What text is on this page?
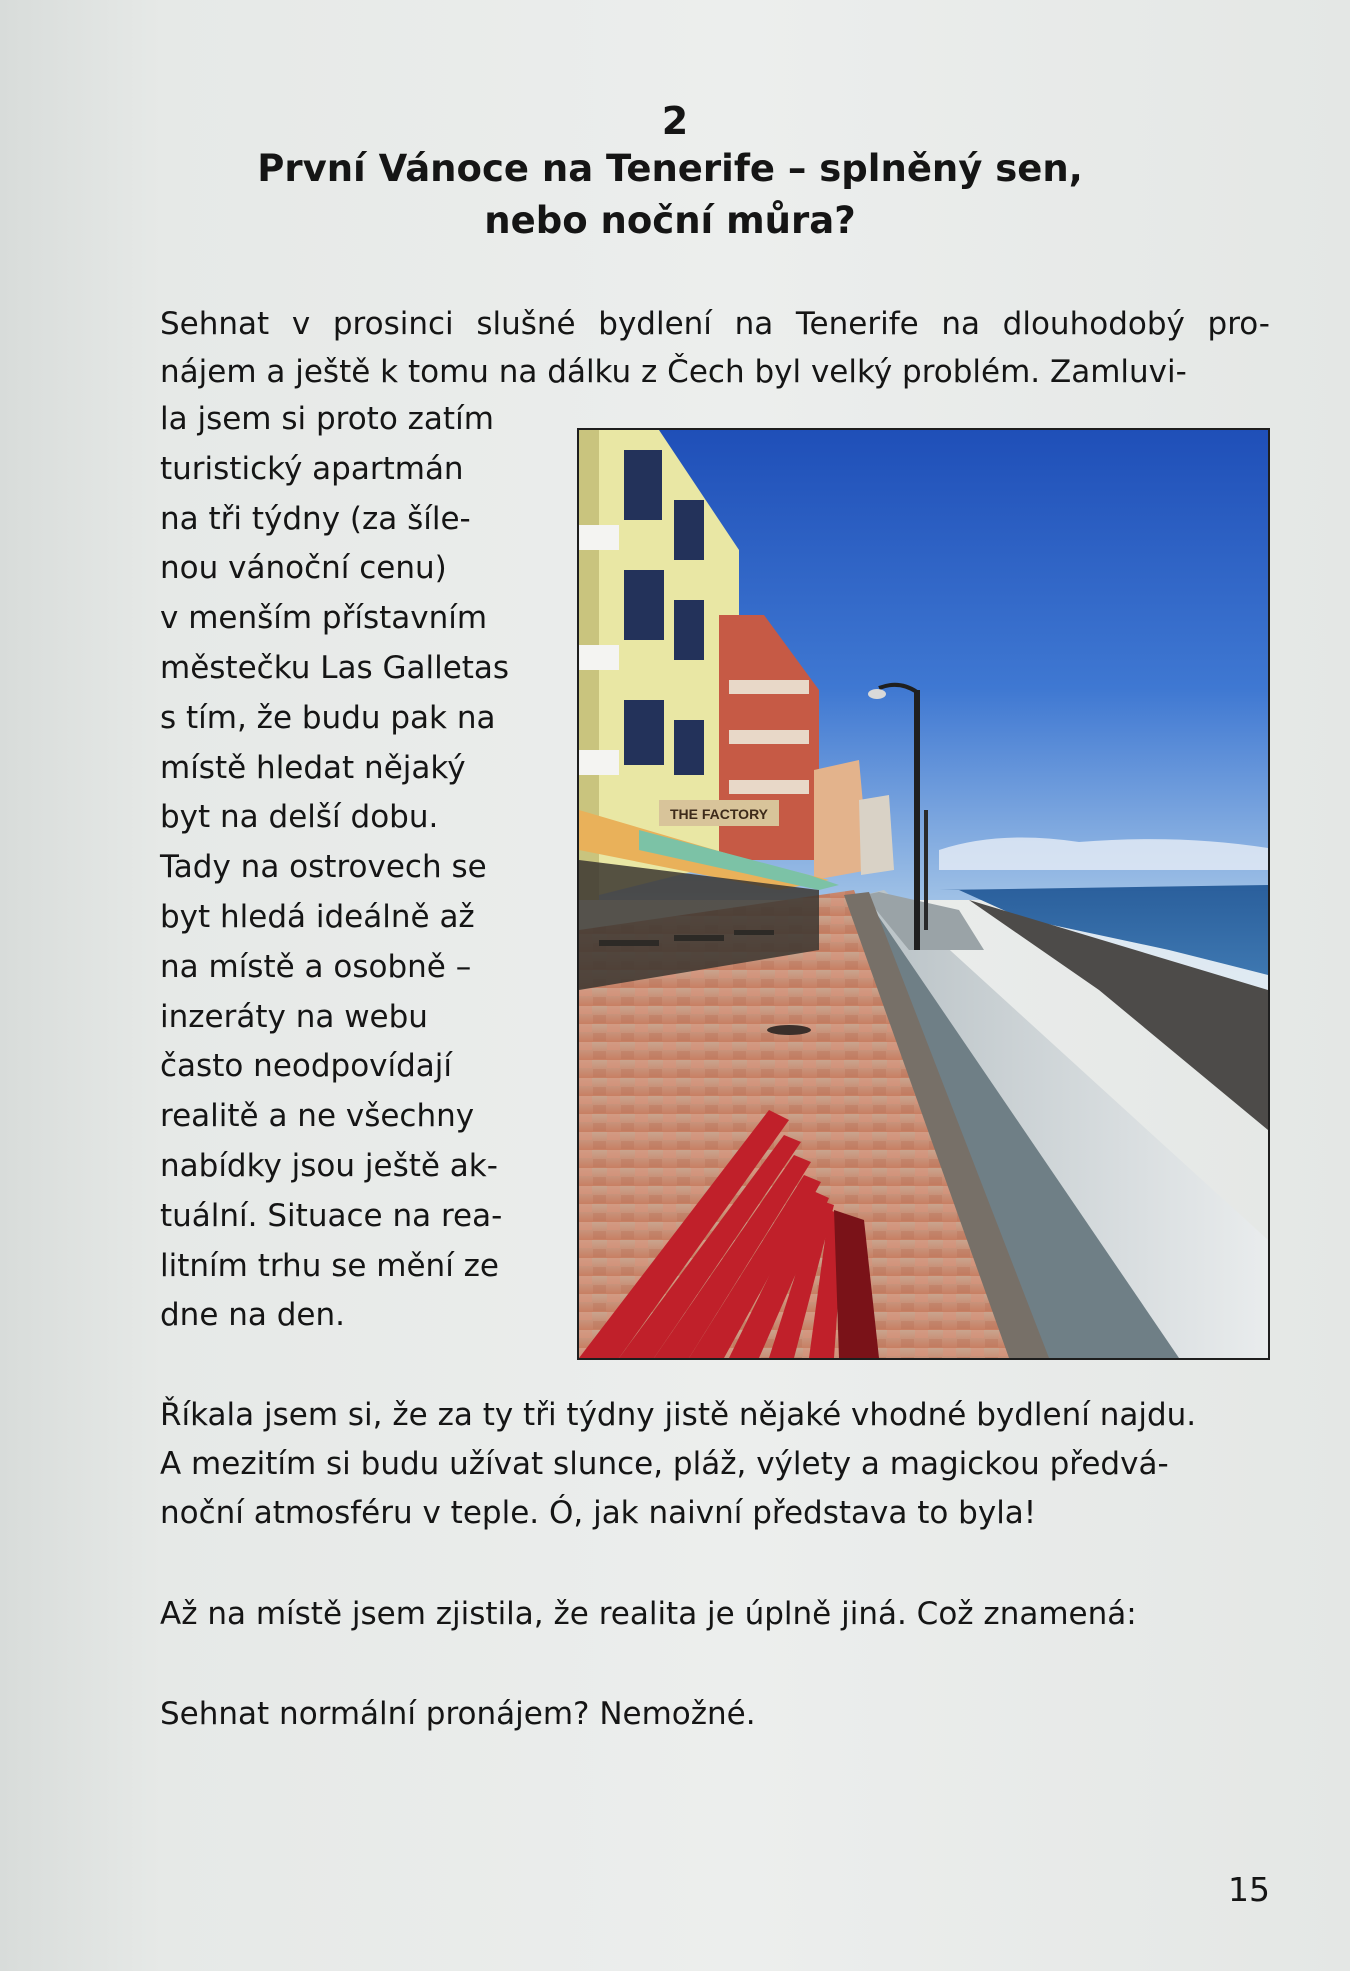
2
První Vánoce na Tenerife – splněný sen,
nebo noční můra?

Sehnat v prosinci slušné bydlení na Tenerife na dlouhodobý pro-
nájem a ještě k tomu na dálku z Čech byl velký problém. Zamluvi-

la jsem si proto zatím
turistický apartmán
na tři týdny (za šíle-
nou vánoční cenu)
v menším přístavním
městečku Las Galletas
s tím, že budu pak na
místě hledat nějaký
byt na delší dobu.
Tady na ostrovech se
byt hledá ideálně až
na místě a osobně –
inzeráty na webu
často neodpovídají
realitě a ne všechny
nabídky jsou ještě ak-
tuální. Situace na rea-
litním trhu se mění ze
dne na den.

THE FACTORY

Říkala jsem si, že za ty tři týdny jistě nějaké vhodné bydlení najdu.
A mezitím si budu užívat slunce, pláž, výlety a magickou předvá-
noční atmosféru v teple. Ó, jak naivní představa to byla!

Až na místě jsem zjistila, že realita je úplně jiná. Což znamená:

Sehnat normální pronájem? Nemožné.

15
